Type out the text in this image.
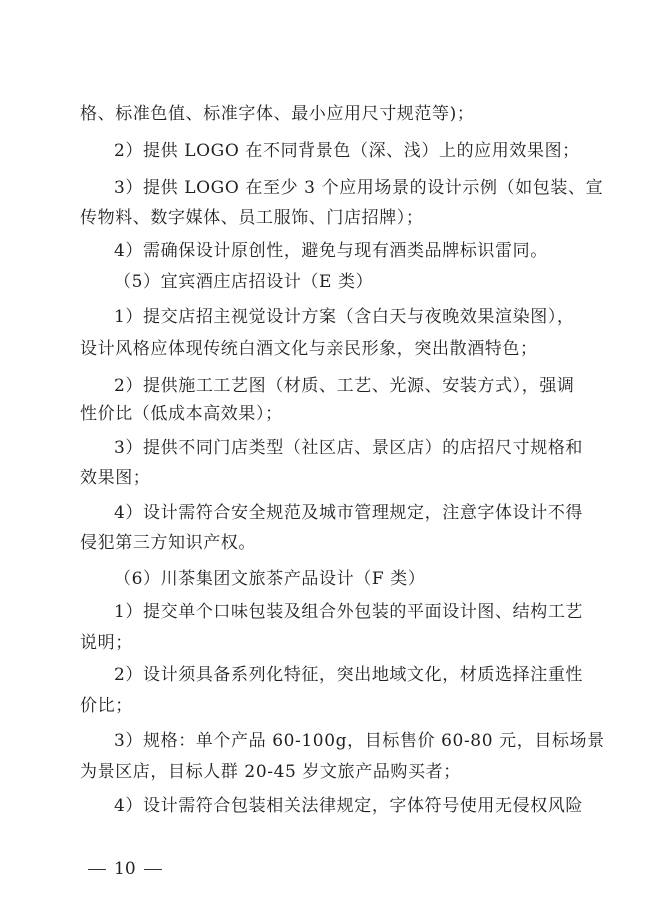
格、标准色值、标准字体、最小应用尺寸规范等)；
2）提供 LOGO 在不同背景色（深、浅）上的应用效果图；
3）提供 LOGO 在至少 3 个应用场景的设计示例（如包装、宣
传物料、数字媒体、员工服饰、门店招牌）；
4）需确保设计原创性，避免与现有酒类品牌标识雷同。
（5）宜宾酒庄店招设计（E 类）
1）提交店招主视觉设计方案（含白天与夜晚效果渲染图），
设计风格应体现传统白酒文化与亲民形象，突出散酒特色；
2）提供施工工艺图（材质、工艺、光源、安装方式），强调
性价比（低成本高效果）；
3）提供不同门店类型（社区店、景区店）的店招尺寸规格和
效果图；
4）设计需符合安全规范及城市管理规定，注意字体设计不得
侵犯第三方知识产权。
（6）川茶集团文旅茶产品设计（F 类）
1）提交单个口味包装及组合外包装的平面设计图、结构工艺
说明；
2）设计须具备系列化特征，突出地域文化，材质选择注重性
价比；
3）规格：单个产品 60-100g，目标售价 60-80 元，目标场景
为景区店，目标人群 20-45 岁文旅产品购买者；
4）设计需符合包装相关法律规定，字体符号使用无侵权风险
10
